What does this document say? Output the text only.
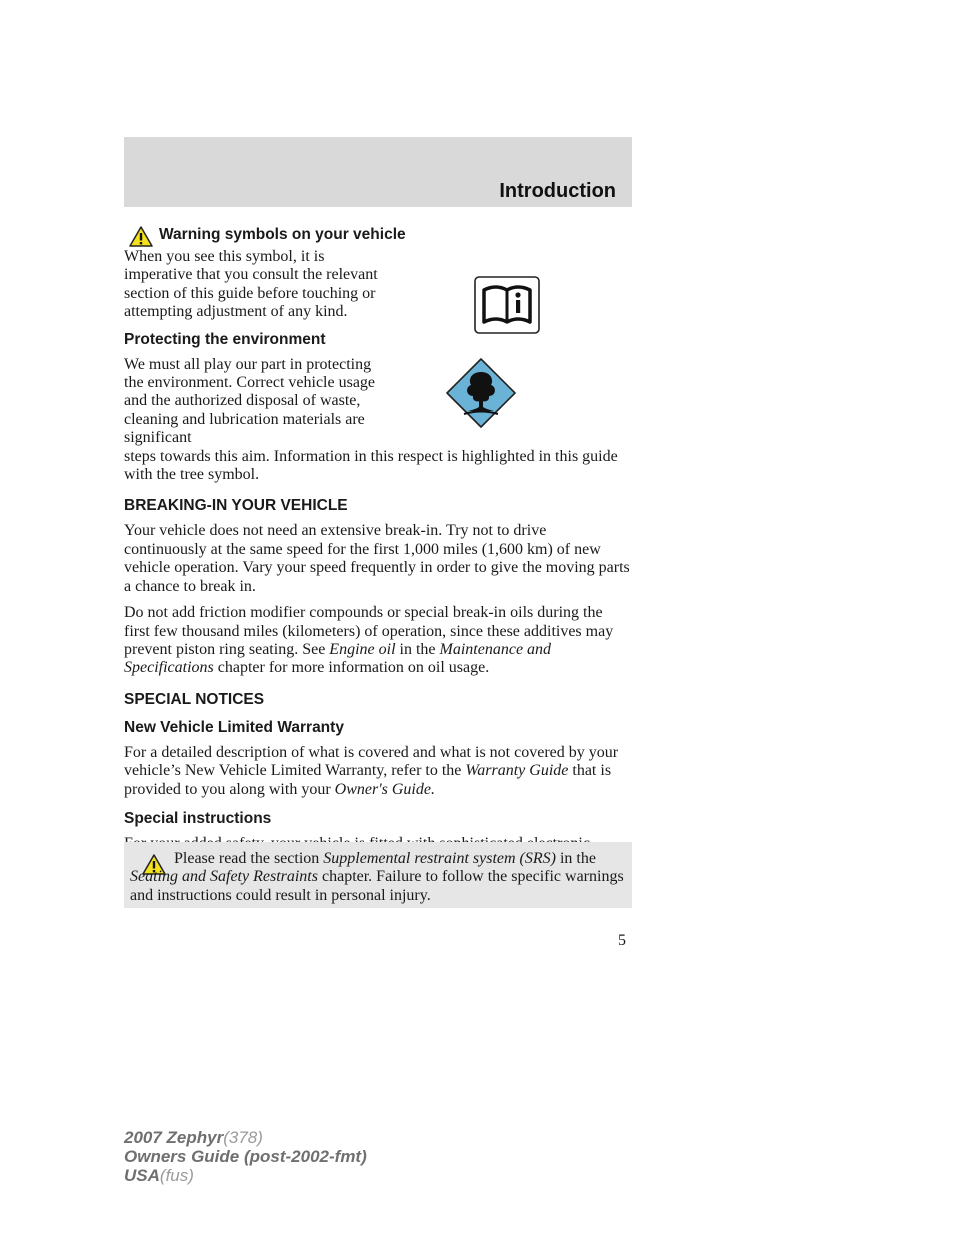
Introduction
Warning symbols on your vehicle

When you see this symbol, it is imperative that you consult the relevant section of this guide before touching or attempting adjustment of any kind.

Protecting the environment

We must all play our part in protecting the environment. Correct vehicle usage and the authorized disposal of waste, cleaning and lubrication materials are significant

steps towards this aim. Information in this respect is highlighted in this guide with the tree symbol.

BREAKING-IN YOUR VEHICLE

Your vehicle does not need an extensive break-in. Try not to drive continuously at the same speed for the first 1,000 miles (1,600 km) of new vehicle operation. Vary your speed frequently in order to give the moving parts a chance to break in.

Do not add friction modifier compounds or special break-in oils during the first few thousand miles (kilometers) of operation, since these additives may prevent piston ring seating. See Engine oil in the Maintenance and Specifications chapter for more information on oil usage.

SPECIAL NOTICES
New Vehicle Limited Warranty

For a detailed description of what is covered and what is not covered by your vehicle’s New Vehicle Limited Warranty, refer to the Warranty Guide that is provided to you along with your Owner's Guide.

Special instructions

Please read the section Supplemental restraint system (SRS) in the Seating and Safety Restraints chapter. Failure to follow the specific warnings and instructions could result in personal injury.

5
2007 Zephyr(378)
Owners Guide (post-2002-fmt)
USA(fus)
